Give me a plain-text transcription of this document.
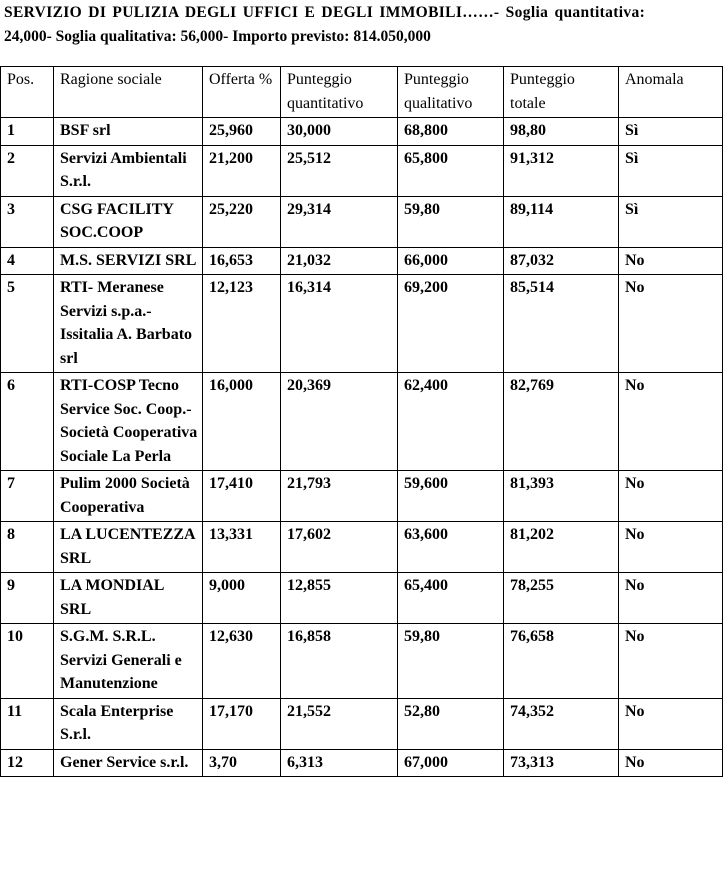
SERVIZIO DI PULIZIA DEGLI UFFICI E DEGLI IMMOBILI……- Soglia quantitativa:
24,000- Soglia qualitativa: 56,000- Importo previsto: 814.050,000
Pos.	Ragione sociale	Offerta %	Punteggio quantitativo	Punteggio qualitativo	Punteggio totale	Anomala
1	BSF srl	25,960	30,000	68,800	98,80	Sì
2	Servizi Ambientali S.r.l.	21,200	25,512	65,800	91,312	Sì
3	CSG FACILITY SOC.COOP	25,220	29,314	59,80	89,114	Sì
4	M.S. SERVIZI SRL	16,653	21,032	66,000	87,032	No
5	RTI- Meranese Servizi s.p.a.- Issitalia A. Barbato srl	12,123	16,314	69,200	85,514	No
6	RTI-COSP Tecno Service Soc. Coop.- Società Cooperativa Sociale La Perla	16,000	20,369	62,400	82,769	No
7	Pulim 2000 Società Cooperativa	17,410	21,793	59,600	81,393	No
8	LA LUCENTEZZA SRL	13,331	17,602	63,600	81,202	No
9	LA MONDIAL SRL	9,000	12,855	65,400	78,255	No
10	S.G.M. S.R.L. Servizi Generali e Manutenzione	12,630	16,858	59,80	76,658	No
11	Scala Enterprise S.r.l.	17,170	21,552	52,80	74,352	No
12	Gener Service s.r.l.	3,70	6,313	67,000	73,313	No
